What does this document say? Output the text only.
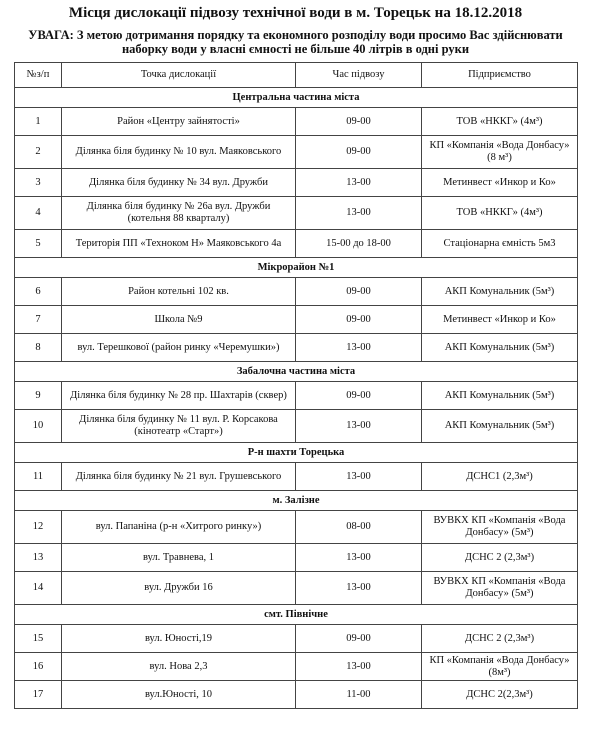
Місця дислокації підвозу технічної води в м. Торецьк на 18.12.2018
УВАГА: З метою дотримання порядку та економного розподілу води просимо Вас здійснювати наборку води у власні ємності не більше 40 літрів в одні руки
№з/п	Точка дислокації	Час підвозу	Підприємство
Центральна частина міста			
1	Район «Центру зайнятості»	09-00	ТОВ «НККГ» (4м³)
2	Ділянка біля будинку № 10 вул. Маяковського	09-00	КП «Компанія «Вода Донбасу» (8 м³)
3	Ділянка біля будинку № 34 вул. Дружби	13-00	Метинвест «Инкор и Ко»
4	Ділянка біля будинку № 26а вул. Дружби (котельня 88 кварталу)	13-00	ТОВ «НККГ» (4м³)
5	Територія ПП «Техноком Н» Маяковського 4а	15-00 до 18-00	Стаціонарна ємність 5м3
Мікрорайон №1			
6	Район котельні 102 кв.	09-00	АКП Комунальник (5м³)
7	Школа №9	09-00	Метинвест «Инкор и Ко»
8	вул. Терешкової (район ринку «Черемушки»)	13-00	АКП Комунальник (5м³)
Забалочна частина міста			
9	Ділянка біля будинку № 28 пр. Шахтарів (сквер)	09-00	АКП Комунальник (5м³)
10	Ділянка біля будинку № 11 вул. Р. Корсакова (кінотеатр «Старт»)	13-00	АКП Комунальник (5м³)
Р-н шахти Торецька			
11	Ділянка біля будинку № 21 вул. Грушевського	13-00	ДСНС1 (2,3м³)
м. Залізне			
12	вул. Папаніна (р-н «Хитрого ринку»)	08-00	ВУВКХ КП «Компанія «Вода Донбасу» (5м³)
13	вул. Травнева, 1	13-00	ДСНС 2 (2,3м³)
14	вул. Дружби 16	13-00	ВУВКХ КП «Компанія «Вода Донбасу» (5м³)
смт. Північне			
15	вул. Юності,19	09-00	ДСНС 2 (2,3м³)
16	вул. Нова 2,3	13-00	КП «Компанія «Вода Донбасу» (8м³)
17	вул.Юності, 10	11-00	ДСНС 2(2,3м³)
